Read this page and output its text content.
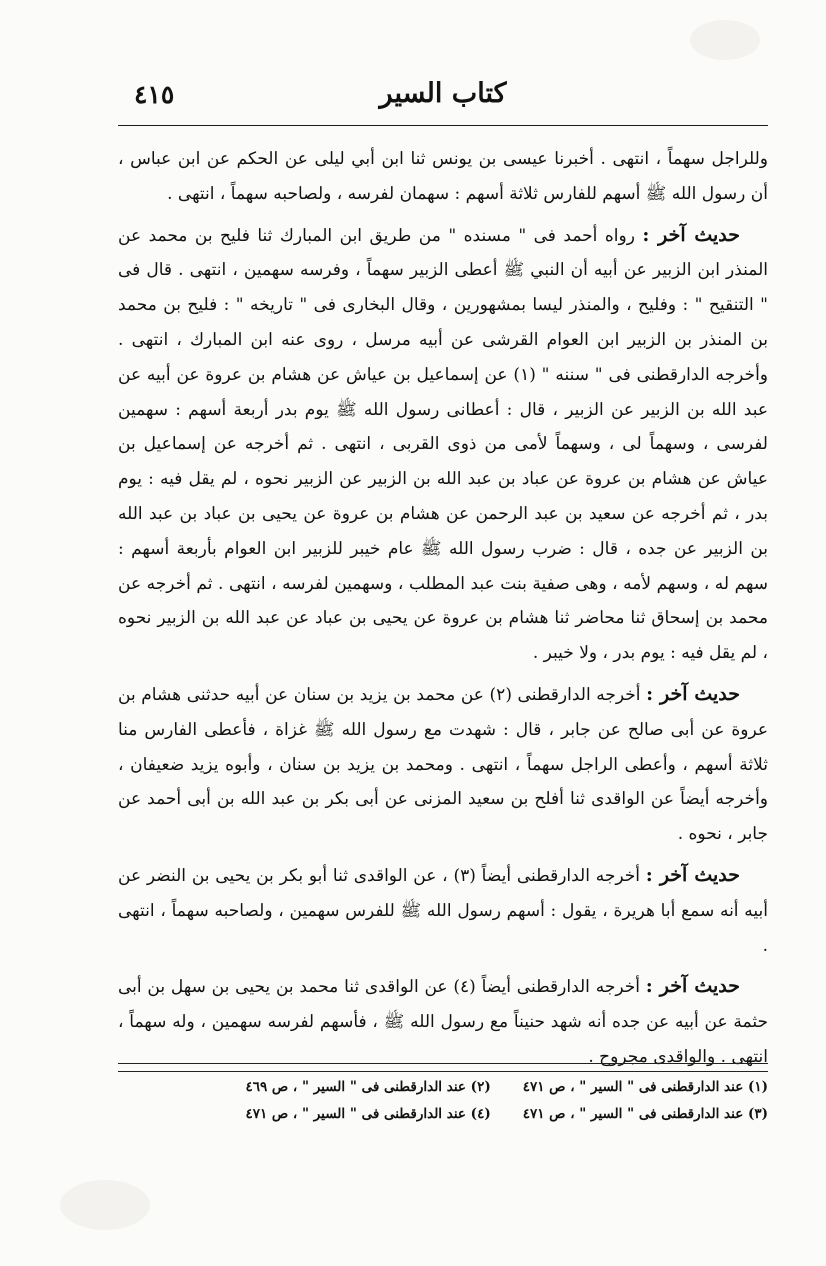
كتاب السير
٤١٥

وللراجل سهماً ، انتهى . أخبرنا عيسى بن يونس ثنا ابن أبي ليلى عن الحكم عن ابن عباس ، أن رسول الله ﷺ أسهم للفارس ثلاثة أسهم : سهمان لفرسه ، ولصاحبه سهماً ، انتهى .

حديث آخر : رواه أحمد فى " مسنده " من طريق ابن المبارك ثنا فليح بن محمد عن المنذر ابن الزبير عن أبيه أن النبي ﷺ أعطى الزبير سهماً ، وفرسه سهمين ، انتهى . قال فى " التنقيح " : وفليح ، والمنذر ليسا بمشهورين ، وقال البخارى فى " تاريخه " : فليح بن محمد بن المنذر بن الزبير ابن العوام القرشى عن أبيه مرسل ، روى عنه ابن المبارك ، انتهى . وأخرجه الدارقطنى فى " سننه " (١) عن إسماعيل بن عياش عن هشام بن عروة عن أبيه عن عبد الله بن الزبير عن الزبير ، قال : أعطانى رسول الله ﷺ يوم بدر أربعة أسهم : سهمين لفرسى ، وسهماً لى ، وسهماً لأمى من ذوى القربى ، انتهى . ثم أخرجه عن إسماعيل بن عياش عن هشام بن عروة عن عباد بن عبد الله بن الزبير عن الزبير نحوه ، لم يقل فيه : يوم بدر ، ثم أخرجه عن سعيد بن عبد الرحمن عن هشام بن عروة عن يحيى بن عباد بن عبد الله بن الزبير عن جده ، قال : ضرب رسول الله ﷺ عام خيبر للزبير ابن العوام بأربعة أسهم : سهم له ، وسهم لأمه ، وهى صفية بنت عبد المطلب ، وسهمين لفرسه ، انتهى . ثم أخرجه عن محمد بن إسحاق ثنا محاضر ثنا هشام بن عروة عن يحيى بن عباد عن عبد الله بن الزبير نحوه ، لم يقل فيه : يوم بدر ، ولا خيبر .

حديث آخر : أخرجه الدارقطنى (٢) عن محمد بن يزيد بن سنان عن أبيه حدثنى هشام بن عروة عن أبى صالح عن جابر ، قال : شهدت مع رسول الله ﷺ غزاة ، فأعطى الفارس منا ثلاثة أسهم ، وأعطى الراجل سهماً ، انتهى . ومحمد بن يزيد بن سنان ، وأبوه يزيد ضعيفان ، وأخرجه أيضاً عن الواقدى ثنا أفلح بن سعيد المزنى عن أبى بكر بن عبد الله بن أبى أحمد عن جابر ، نحوه .

حديث آخر : أخرجه الدارقطنى أيضاً (٣) ، عن الواقدى ثنا أبو بكر بن يحيى بن النضر عن أبيه أنه سمع أبا هريرة ، يقول : أسهم رسول الله ﷺ للفرس سهمين ، ولصاحبه سهماً ، انتهى .

حديث آخر : أخرجه الدارقطنى أيضاً (٤) عن الواقدى ثنا محمد بن يحيى بن سهل بن أبى حثمة عن أبيه عن جده أنه شهد حنيناً مع رسول الله ﷺ ، فأسهم لفرسه سهمين ، وله سهماً ، انتهى . والواقدى مجروح .

(١) عند الدارقطنى فى " السير " ، ص ٤٧١
(٢) عند الدارقطنى فى " السير " ، ص ٤٦٩
(٣) عند الدارقطنى فى " السير " ، ص ٤٧١
(٤) عند الدارقطنى فى " السير " ، ص ٤٧١
